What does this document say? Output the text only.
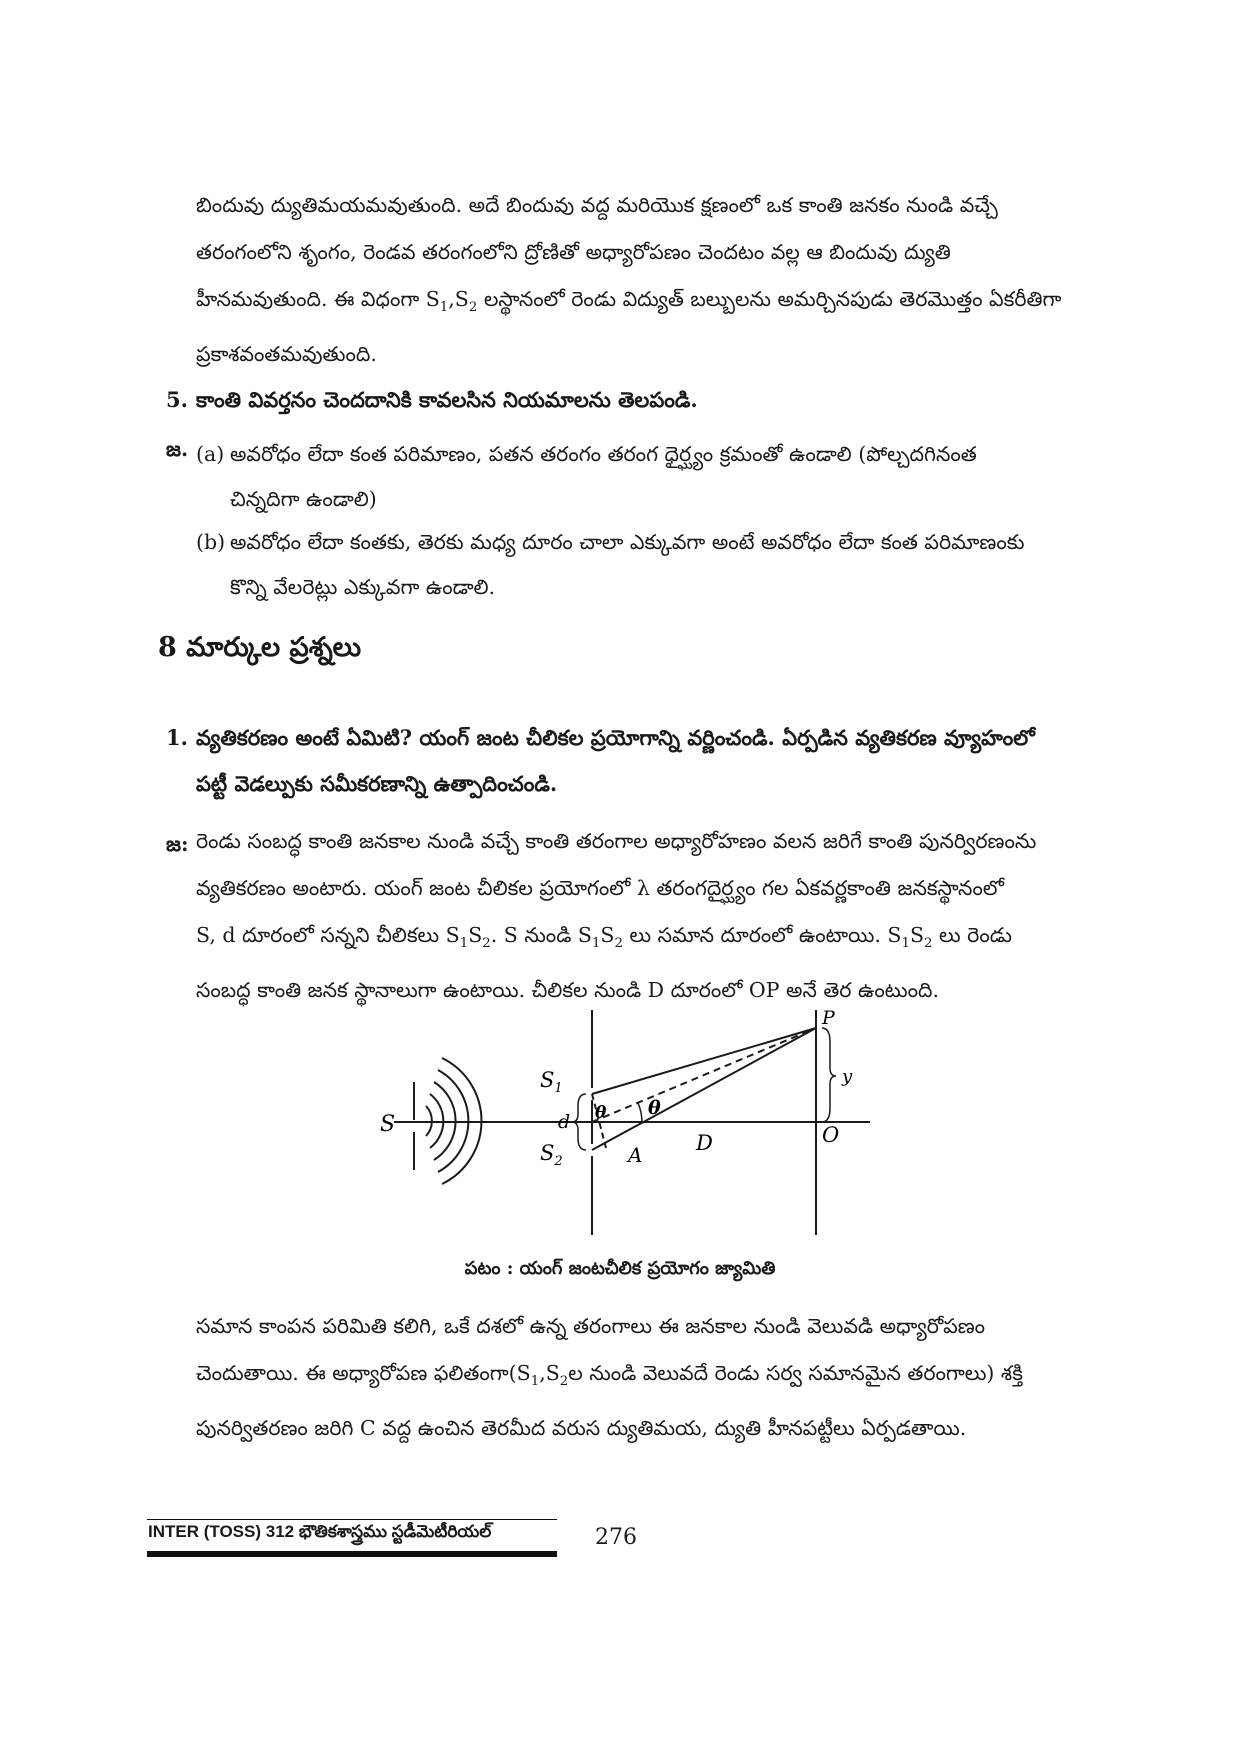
బిందువు ద్యుతిమయమవుతుంది. అదే బిందువు వద్ద మరియొక క్షణంలో ఒక కాంతి జనకం నుండి వచ్చే
తరంగంలోని శృంగం, రెండవ తరంగంలోని ద్రోణితో అధ్యారోపణం చెందటం వల్ల ఆ బిందువు ద్యుతి
హీనమవుతుంది. ఈ విధంగా $S_1,S_2$ లస్థానంలో రెండు విద్యుత్ బల్బులను అమర్చినపుడు తెరమొత్తం ఏకరీతిగా
ప్రకాశవంతమవుతుంది.
5. కాంతి వివర్తనం చెందదానికి కావలసిన నియమాలను తెలపండి.
జ. (a) అవరోధం లేదా కంత పరిమాణం, పతన తరంగం తరంగ ధైర్ఘ్యం క్రమంతో ఉండాలి (పోల్చదగినంత
చిన్నదిగా ఉండాలి)
(b) అవరోధం లేదా కంతకు, తెరకు మధ్య దూరం చాలా ఎక్కువగా అంటే అవరోధం లేదా కంత పరిమాణంకు
కొన్ని వేలరెట్లు ఎక్కువగా ఉండాలి.
8 మార్కుల ప్రశ్నలు
1. వ్యతికరణం అంటే ఏమిటి? యంగ్ జంట చీలికల ప్రయోగాన్ని వర్ణించండి. ఏర్పడిన వ్యతికరణ వ్యూహంలో
పట్టీ వెడల్పుకు సమీకరణాన్ని ఉత్పాదించండి.
జ: రెండు సంబద్ధ కాంతి జనకాల నుండి వచ్చే కాంతి తరంగాల అధ్యారోహణం వలన జరిగే కాంతి పునర్విరణంను
వ్యతికరణం అంటారు. యంగ్ జంట చీలికల ప్రయోగంలో λ తరంగదైర్ఘ్యం గల ఏకవర్ణకాంతి జనకస్థానంలో
S, d దూరంలో సన్నని చీలికలు $S_1S_2$. S నుండి $S_1S_2$ లు సమాన దూరంలో ఉంటాయి. $S_1S_2$ లు రెండు
సంబద్ధ కాంతి జనక స్థానాలుగా ఉంటాయి. చీలికల నుండి D దూరంలో OP అనే తెర ఉంటుంది.
S
$S_1$
$S_2$
d θ θ
A	D	O
P
y
పటం : యంగ్ జంటచీలిక ప్రయోగం జ్యామితి
సమాన కాంపన పరిమితి కలిగి, ఒకే దశలో ఉన్న తరంగాలు ఈ జనకాల నుండి వెలువడి అధ్యారోపణం
చెందుతాయి. ఈ అధ్యారోపణ $ఫలితంగా(S_1,S_2ల$ నుండి వెలువదే రెండు సర్వ సమానమైన తరంగాలు) శక్తి
పునర్వితరణం జరిగి C వద్ద ఉంచిన తెరమీద వరుస ద్యుతిమయ, ద్యుతి హీనపట్టీలు ఏర్పడతాయి.
INTER (TOSS) 312 భౌతికశాస్త్రము స్టడీమెటీరియల్	276
